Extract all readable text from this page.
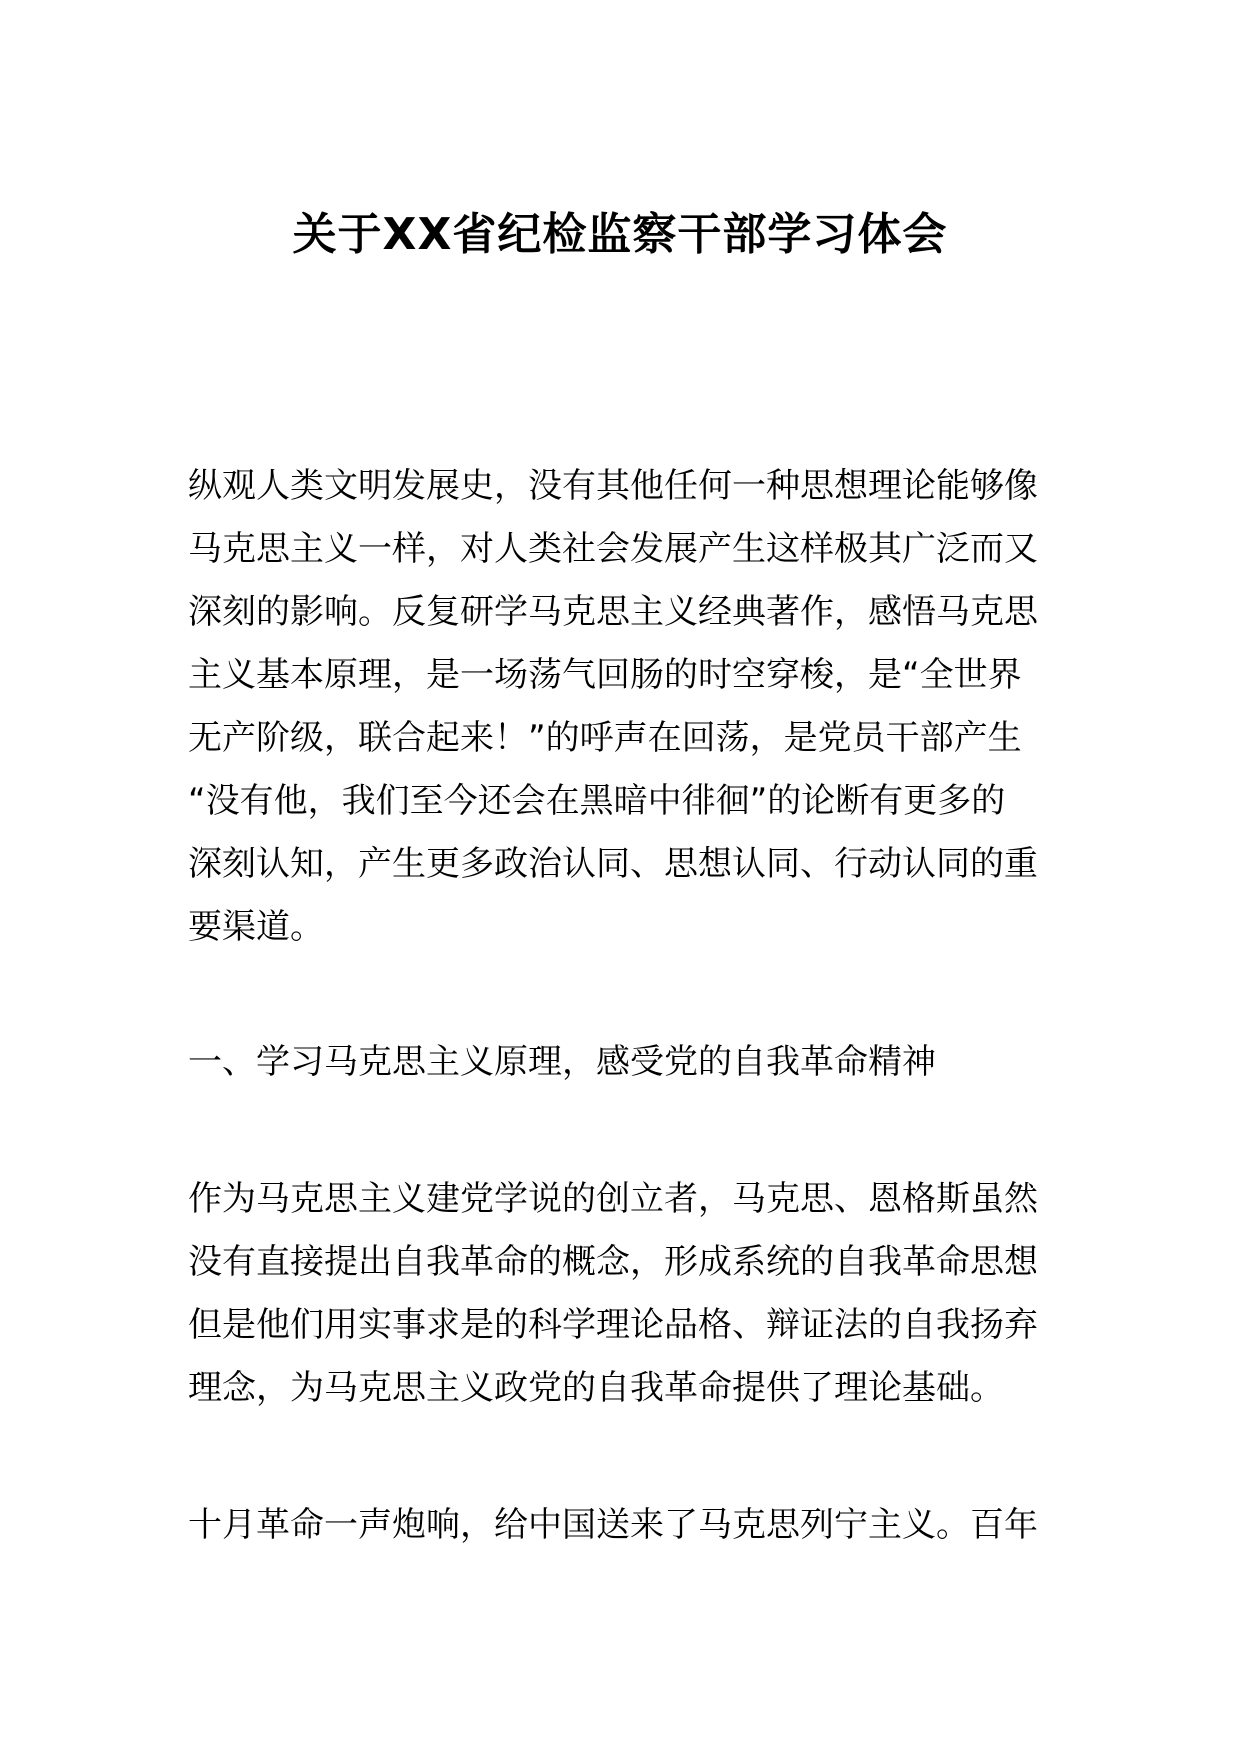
关于XX省纪检监察干部学习体会
纵观人类文明发展史，没有其他任何一种思想理论能够像
马克思主义一样，对人类社会发展产生这样极其广泛而又
深刻的影响。反复研学马克思主义经典著作，感悟马克思
主义基本原理，是一场荡气回肠的时空穿梭，是“全世界
无产阶级，联合起来！”的呼声在回荡，是党员干部产生
“没有他，我们至今还会在黑暗中徘徊”的论断有更多的
深刻认知，产生更多政治认同、思想认同、行动认同的重
要渠道。
一、学习马克思主义原理，感受党的自我革命精神
作为马克思主义建党学说的创立者，马克思、恩格斯虽然
没有直接提出自我革命的概念，形成系统的自我革命思想
但是他们用实事求是的科学理论品格、辩证法的自我扬弃
理念，为马克思主义政党的自我革命提供了理论基础。
十月革命一声炮响，给中国送来了马克思列宁主义。百年
